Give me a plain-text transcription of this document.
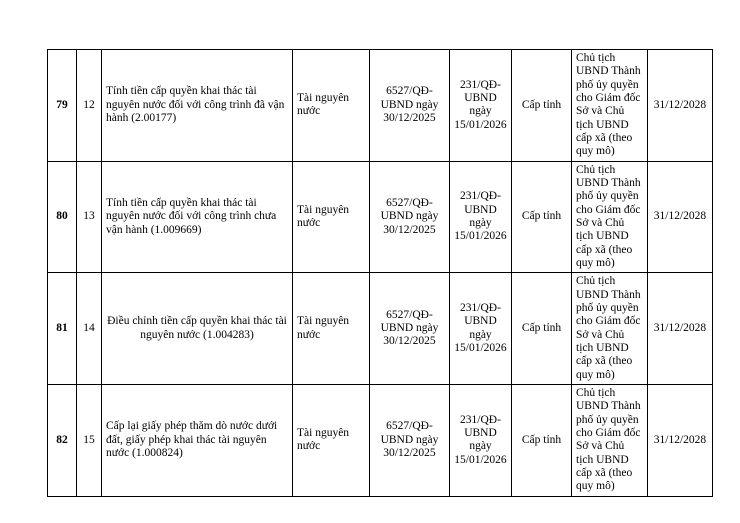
79	12	Tính tiền cấp quyền khai thác tài nguyên nước đối với công trình đã vận hành (2.00177)	Tài nguyên nước	6527/QĐ-UBND ngày 30/12/2025	231/QĐ-UBND ngày 15/01/2026	Cấp tỉnh	Chủ tịch UBND Thành phố ủy quyền cho Giám đốc Sở và Chủ tịch UBND cấp xã (theo quy mô)	31/12/2028
80	13	Tính tiền cấp quyền khai thác tài nguyên nước đối với công trình chưa vận hành (1.009669)	Tài nguyên nước	6527/QĐ-UBND ngày 30/12/2025	231/QĐ-UBND ngày 15/01/2026	Cấp tỉnh	Chủ tịch UBND Thành phố ủy quyền cho Giám đốc Sở và Chủ tịch UBND cấp xã (theo quy mô)	31/12/2028
81	14	Điều chỉnh tiền cấp quyền khai thác tài nguyên nước (1.004283)	Tài nguyên nước	6527/QĐ-UBND ngày 30/12/2025	231/QĐ-UBND ngày 15/01/2026	Cấp tỉnh	Chủ tịch UBND Thành phố ủy quyền cho Giám đốc Sở và Chủ tịch UBND cấp xã (theo quy mô)	31/12/2028
82	15	Cấp lại giấy phép thăm dò nước dưới đất, giấy phép khai thác tài nguyên nước (1.000824)	Tài nguyên nước	6527/QĐ-UBND ngày 30/12/2025	231/QĐ-UBND ngày 15/01/2026	Cấp tỉnh	Chủ tịch UBND Thành phố ủy quyền cho Giám đốc Sở và Chủ tịch UBND cấp xã (theo quy mô)	31/12/2028
